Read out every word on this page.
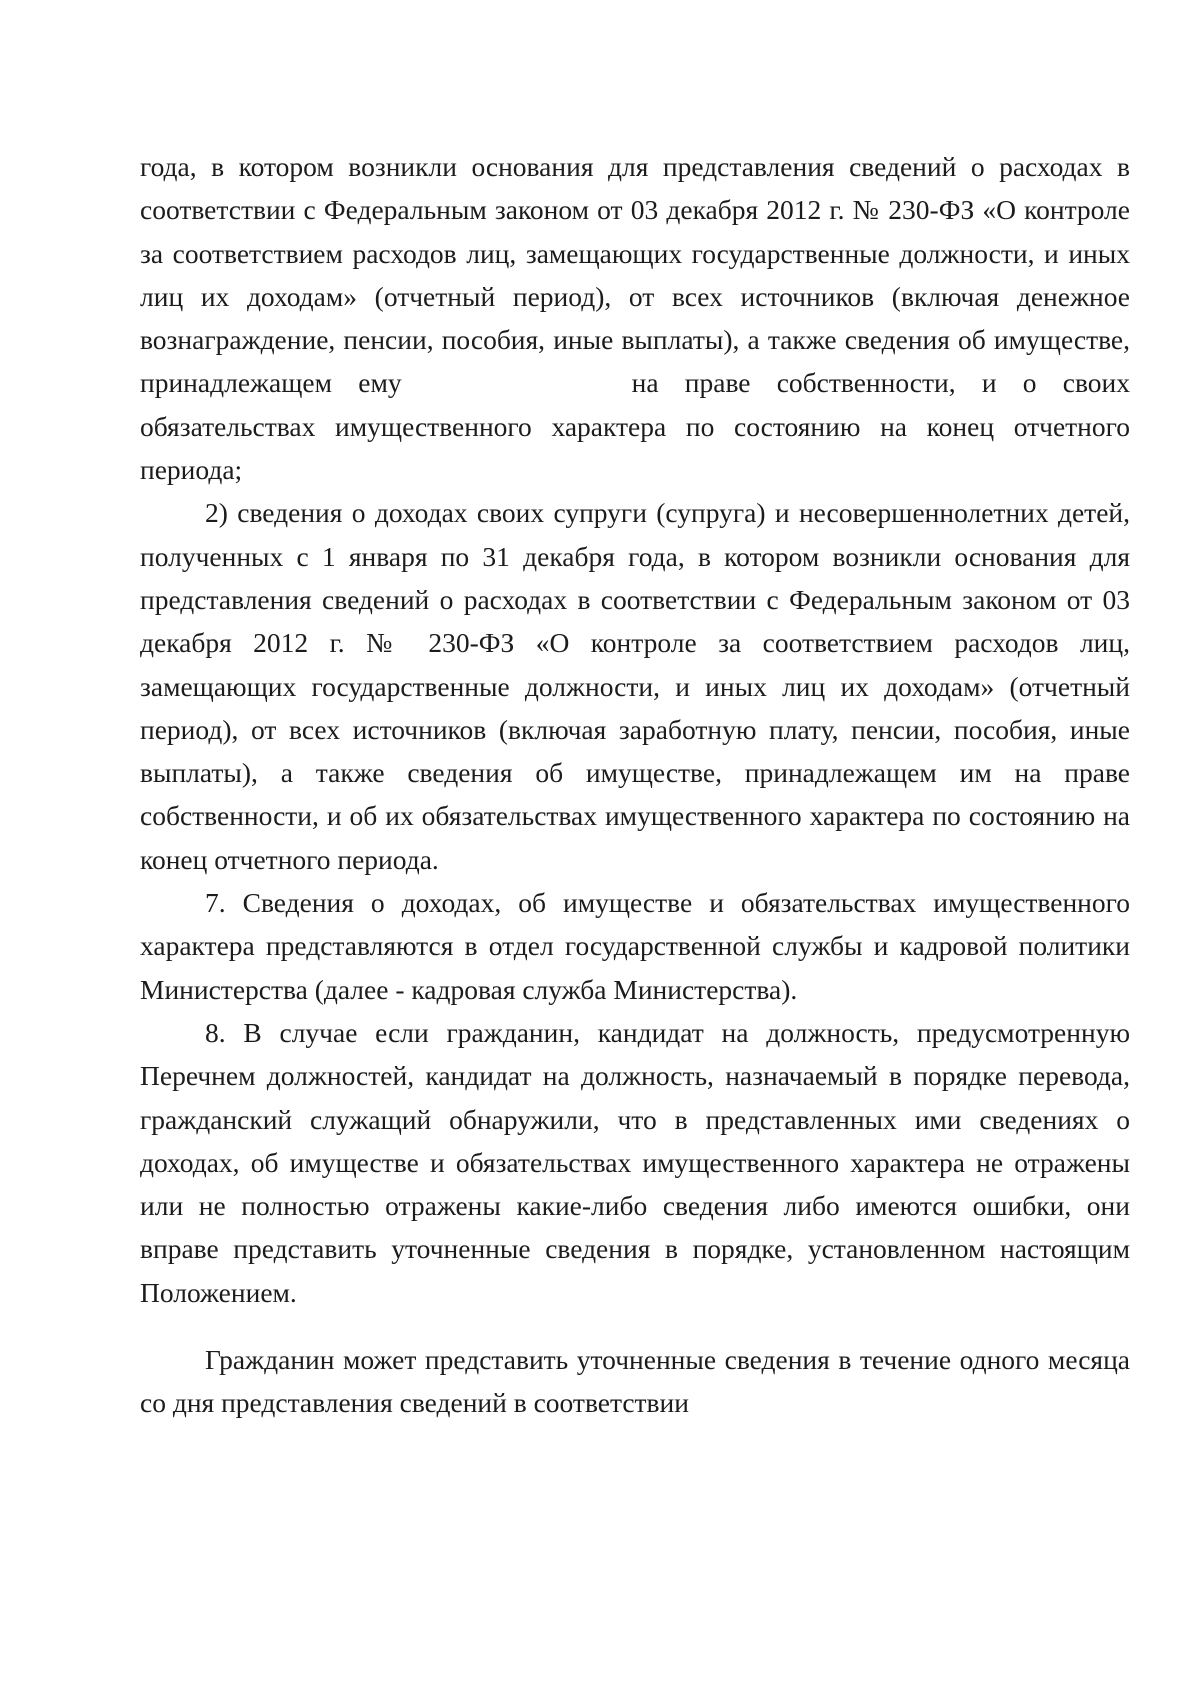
года, в котором возникли основания для представления сведений о расходах в соответствии с Федеральным законом от 03 декабря 2012 г. № 230-ФЗ «О контроле за соответствием расходов лиц, замещающих государственные должности, и иных лиц их доходам» (отчетный период), от всех источников (включая денежное вознаграждение, пенсии, пособия, иные выплаты), а также сведения об имуществе, принадлежащем ему	на праве собственности, и о своих обязательствах имущественного характера по состоянию на конец отчетного периода;

2) сведения о доходах своих супруги (супруга) и несовершеннолетних детей, полученных с 1 января по 31 декабря года, в котором возникли основания для представления сведений о расходах в соответствии с Федеральным законом от 03 декабря 2012 г. № 230-ФЗ «О контроле за соответствием расходов лиц, замещающих государственные должности, и иных лиц их доходам» (отчетный период), от всех источников (включая заработную плату, пенсии, пособия, иные выплаты), а также сведения об имуществе, принадлежащем им на праве собственности, и об их обязательствах имущественного характера по состоянию на конец отчетного периода.

7. Сведения о доходах, об имуществе и обязательствах имущественного характера представляются в отдел государственной службы и кадровой политики Министерства (далее - кадровая служба Министерства).

8. В случае если гражданин, кандидат на должность, предусмотренную Перечнем должностей, кандидат на должность, назначаемый в порядке перевода, гражданский служащий обнаружили, что в представленных ими сведениях о доходах, об имуществе и обязательствах имущественного характера не отражены или не полностью отражены какие-либо сведения либо имеются ошибки, они вправе представить уточненные сведения в порядке, установленном настоящим Положением.

Гражданин может представить уточненные сведения в течение одного месяца со дня представления сведений в соответствии
